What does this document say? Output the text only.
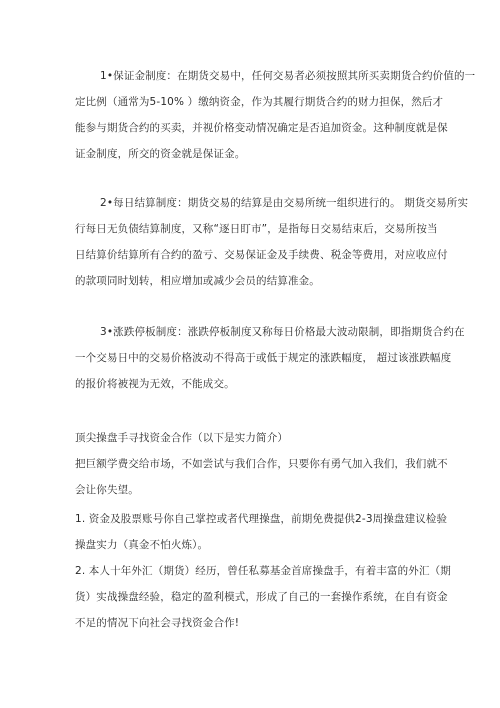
1•保证金制度：在期货交易中，任何交易者必须按照其所买卖期货合约价值的一
定比例（通常为5-10% ）缴纳资金，作为其履行期货合约的财力担保，然后才
能参与期货合约的买卖，并视价格变动情况确定是否追加资金。这种制度就是保
证金制度，所交的资金就是保证金。
2•每日结算制度：期货交易的结算是由交易所统一组织进行的。 期货交易所实
行每日无负债结算制度，又称“逐日盯市”，是指每日交易结束后，交易所按当
日结算价结算所有合约的盈亏、交易保证金及手续费、税金等费用，对应收应付
的款项同时划转，相应增加或减少会员的结算准金。
3•涨跌停板制度：涨跌停板制度又称每日价格最大波动限制，即指期货合约在
一个交易日中的交易价格波动不得高于或低于规定的涨跌幅度， 超过该涨跌幅度
的报价将被视为无效，不能成交。
顶尖操盘手寻找资金合作（以下是实力简介）
把巨额学费交给市场，不如尝试与我们合作，只要你有勇气加入我们，我们就不
会让你失望。
1. 资金及股票账号你自己掌控或者代理操盘，前期免费提供2-3周操盘建议检验
操盘实力（真金不怕火炼）。
2. 本人十年外汇（期货）经历，曾任私募基金首席操盘手，有着丰富的外汇（期
货）实战操盘经验，稳定的盈利模式，形成了自己的一套操作系统，在自有资金
不足的情况下向社会寻找资金合作!
